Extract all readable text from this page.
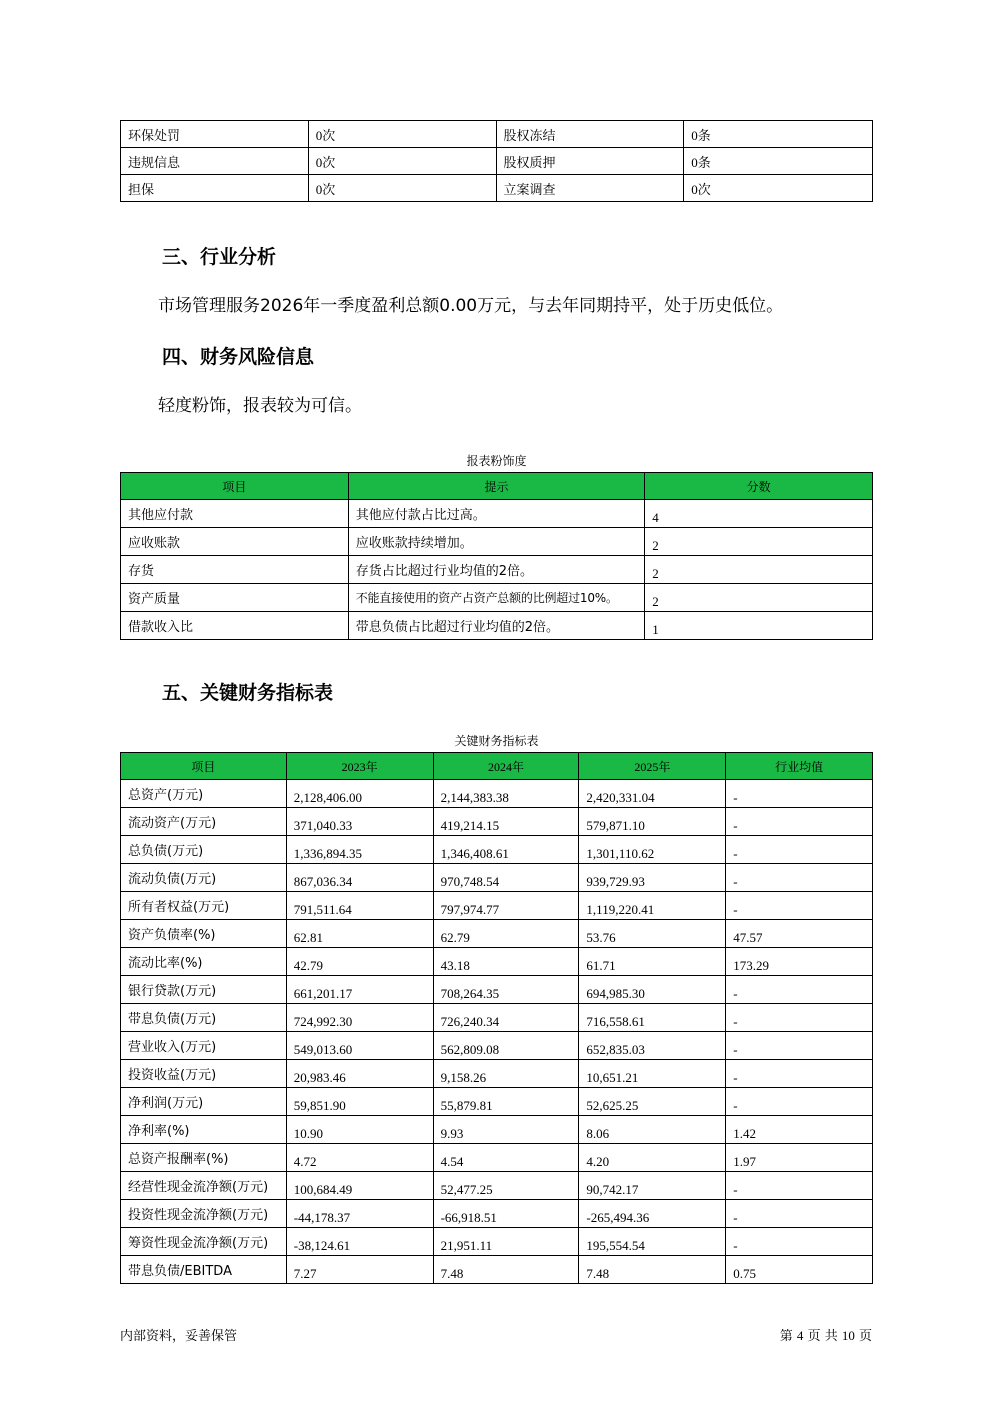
环保处罚	0次	股权冻结	0条
违规信息	0次	股权质押	0条
担保	0次	立案调查	0次
三、行业分析

市场管理服务2026年一季度盈利总额0.00万元，与去年同期持平，处于历史低位。

四、财务风险信息

轻度粉饰，报表较为可信。

报表粉饰度
项目	提示	分数
其他应付款	其他应付款占比过高。	4
应收账款	应收账款持续增加。	2
存货	存货占比超过行业均值的2倍。	2
资产质量	不能直接使用的资产占资产总额的比例超过10%。	2
借款收入比	带息负债占比超过行业均值的2倍。	1
五、关键财务指标表
关键财务指标表
项目	2023年	2024年	2025年	行业均值
总资产(万元)	2,128,406.00	2,144,383.38	2,420,331.04	-
流动资产(万元)	371,040.33	419,214.15	579,871.10	-
总负债(万元)	1,336,894.35	1,346,408.61	1,301,110.62	-
流动负债(万元)	867,036.34	970,748.54	939,729.93	-
所有者权益(万元)	791,511.64	797,974.77	1,119,220.41	-
资产负债率(%)	62.81	62.79	53.76	47.57
流动比率(%)	42.79	43.18	61.71	173.29
银行贷款(万元)	661,201.17	708,264.35	694,985.30	-
带息负债(万元)	724,992.30	726,240.34	716,558.61	-
营业收入(万元)	549,013.60	562,809.08	652,835.03	-
投资收益(万元)	20,983.46	9,158.26	10,651.21	-
净利润(万元)	59,851.90	55,879.81	52,625.25	-
净利率(%)	10.90	9.93	8.06	1.42
总资产报酬率(%)	4.72	4.54	4.20	1.97
经营性现金流净额(万元)	100,684.49	52,477.25	90,742.17	-
投资性现金流净额(万元)	-44,178.37	-66,918.51	-265,494.36	-
筹资性现金流净额(万元)	-38,124.61	21,951.11	195,554.54	-
带息负债/EBITDA	7.27	7.48	7.48	0.75
内部资料，妥善保管	第 4 页 共 10 页
